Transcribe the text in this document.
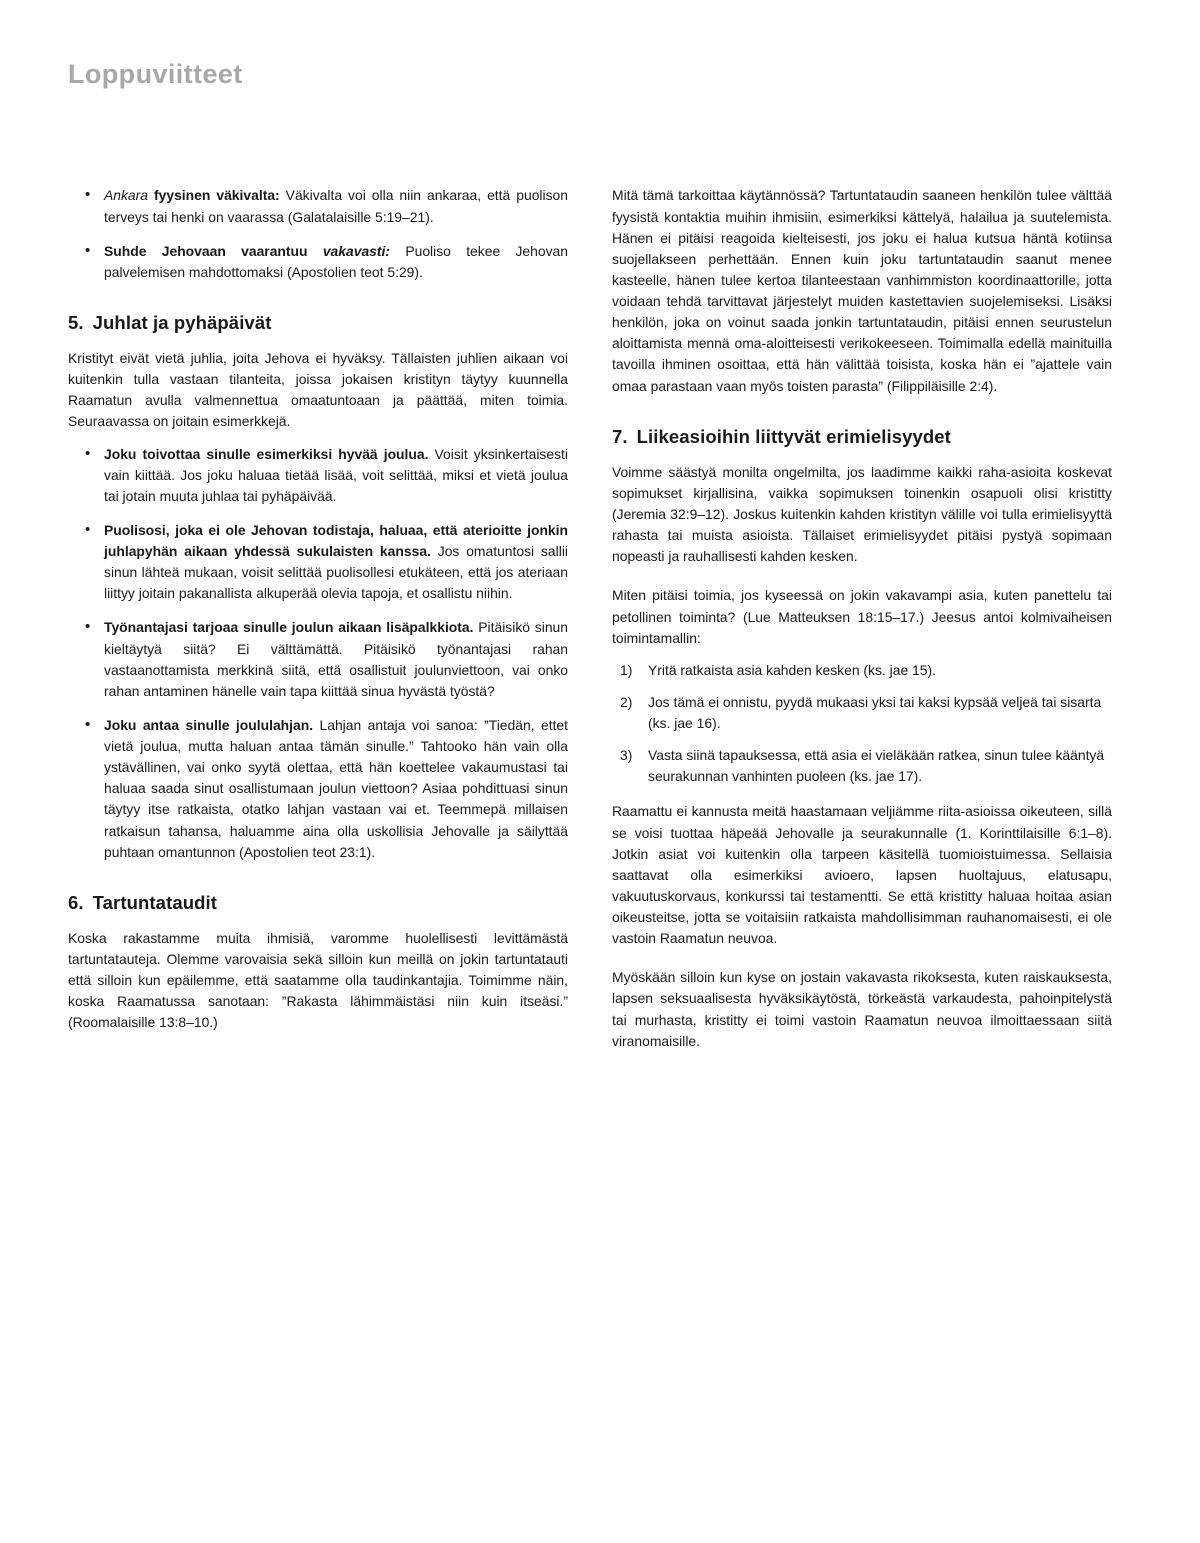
Loppuviitteet
• Ankara fyysinen väkivalta: Väkivalta voi olla niin ankaraa, että puolison terveys tai henki on vaarassa (Galatalaisille 5:19–21).
• Suhde Jehovaan vaarantuu vakavasti: Puoliso tekee Jehovan palvelemisen mahdottomaksi (Apostolien teot 5:29).
5. Juhlat ja pyhäpäivät

Kristityt eivät vietä juhlia, joita Jehova ei hyväksy. Tällaisten juhlien aikaan voi kuitenkin tulla vastaan tilanteita, joissa jokaisen kristityn täytyy kuunnella Raamatun avulla valmennettua omaatuntoaan ja päättää, miten toimia. Seuraavassa on joitain esimerkkejä.

• Joku toivottaa sinulle esimerkiksi hyvää joulua. Voisit yksinkertaisesti vain kiittää. Jos joku haluaa tietää lisää, voit selittää, miksi et vietä joulua tai jotain muuta juhlaa tai pyhäpäivää.
• Puolisosi, joka ei ole Jehovan todistaja, haluaa, että aterioitte jonkin juhlapyhän aikaan yhdessä sukulaisten kanssa. Jos omatuntosi sallii sinun lähteä mukaan, voisit selittää puolisollesi etukäteen, että jos ateriaan liittyy joitain pakanallista alkuperää olevia tapoja, et osallistu niihin.
• Työnantajasi tarjoaa sinulle joulun aikaan lisäpalkkiota. Pitäisikö sinun kieltäytyä siitä? Ei välttämättä. Pitäisikö työnantajasi rahan vastaanottamista merkkinä siitä, että osallistuit joulunviettoon, vai onko rahan antaminen hänelle vain tapa kiittää sinua hyvästä työstä?
• Joku antaa sinulle joululahjan. Lahjan antaja voi sanoa: ”Tiedän, ettet vietä joulua, mutta haluan antaa tämän sinulle.” Tahtooko hän vain olla ystävällinen, vai onko syytä olettaa, että hän koettelee vakaumustasi tai haluaa saada sinut osallistumaan joulun viettoon? Asiaa pohdittuasi sinun täytyy itse ratkaista, otatko lahjan vastaan vai et. Teemmepä millaisen ratkaisun tahansa, haluamme aina olla uskollisia Jehovalle ja säilyttää puhtaan omantunnon (Apostolien teot 23:1).
6. Tartuntataudit

Koska rakastamme muita ihmisiä, varomme huolellisesti levittämästä tartuntatauteja. Olemme varovaisia sekä silloin kun meillä on jokin tartuntatauti että silloin kun epäilemme, että saatamme olla taudinkantajia. Toimimme näin, koska Raamatussa sanotaan: ”Rakasta lähimmäistäsi niin kuin itseäsi.” (Roomalaisille 13:8–10.)

Mitä tämä tarkoittaa käytännössä? Tartuntataudin saaneen henkilön tulee välttää fyysistä kontaktia muihin ihmisiin, esimerkiksi kättelyä, halailua ja suutelemista. Hänen ei pitäisi reagoida kielteisesti, jos joku ei halua kutsua häntä kotiinsa suojellakseen perhettään. Ennen kuin joku tartuntataudin saanut menee kasteelle, hänen tulee kertoa tilanteestaan vanhimmiston koordinaattorille, jotta voidaan tehdä tarvittavat järjestelyt muiden kastettavien suojelemiseksi. Lisäksi henkilön, joka on voinut saada jonkin tartuntataudin, pitäisi ennen seurustelun aloittamista mennä oma-aloitteisesti verikokeeseen. Toimimalla edellä mainituilla tavoilla ihminen osoittaa, että hän välittää toisista, koska hän ei ”ajattele vain omaa parastaan vaan myös toisten parasta” (Filippiläisille 2:4).

7. Liikeasioihin liittyvät erimielisyydet

Voimme säästyä monilta ongelmilta, jos laadimme kaikki raha-asioita koskevat sopimukset kirjallisina, vaikka sopimuksen toinenkin osapuoli olisi kristitty (Jeremia 32:9–12). Joskus kuitenkin kahden kristityn välille voi tulla erimielisyyttä rahasta tai muista asioista. Tällaiset erimielisyydet pitäisi pystyä sopimaan nopeasti ja rauhallisesti kahden kesken.

Miten pitäisi toimia, jos kyseessä on jokin vakavampi asia, kuten panettelu tai petollinen toiminta? (Lue Matteuksen 18:15–17.) Jeesus antoi kolmivaiheisen toimintamallin:

Yritä ratkaista asia kahden kesken (ks. jae 15).
Jos tämä ei onnistu, pyydä mukaasi yksi tai kaksi kypsää veljeä tai sisarta (ks. jae 16).
Vasta siinä tapauksessa, että asia ei vieläkään ratkea, sinun tulee kääntyä seurakunnan vanhinten puoleen (ks. jae 17).

Raamattu ei kannusta meitä haastamaan veljiämme riita-asioissa oikeuteen, sillä se voisi tuottaa häpeää Jehovalle ja seurakunnalle (1. Korinttilaisille 6:1–8). Jotkin asiat voi kuitenkin olla tarpeen käsitellä tuomioistuimessa. Sellaisia saattavat olla esimerkiksi avioero, lapsen huoltajuus, elatusapu, vakuutuskorvaus, konkurssi tai testamentti. Se että kristitty haluaa hoitaa asian oikeusteitse, jotta se voitaisiin ratkaista mahdollisimman rauhanomaisesti, ei ole vastoin Raamatun neuvoa.

Myöskään silloin kun kyse on jostain vakavasta rikoksesta, kuten raiskauksesta, lapsen seksuaalisesta hyväksikäytöstä, törkeästä varkaudesta, pahoinpitelystä tai murhasta, kristitty ei toimi vastoin Raamatun neuvoa ilmoittaessaan siitä viranomaisille.
